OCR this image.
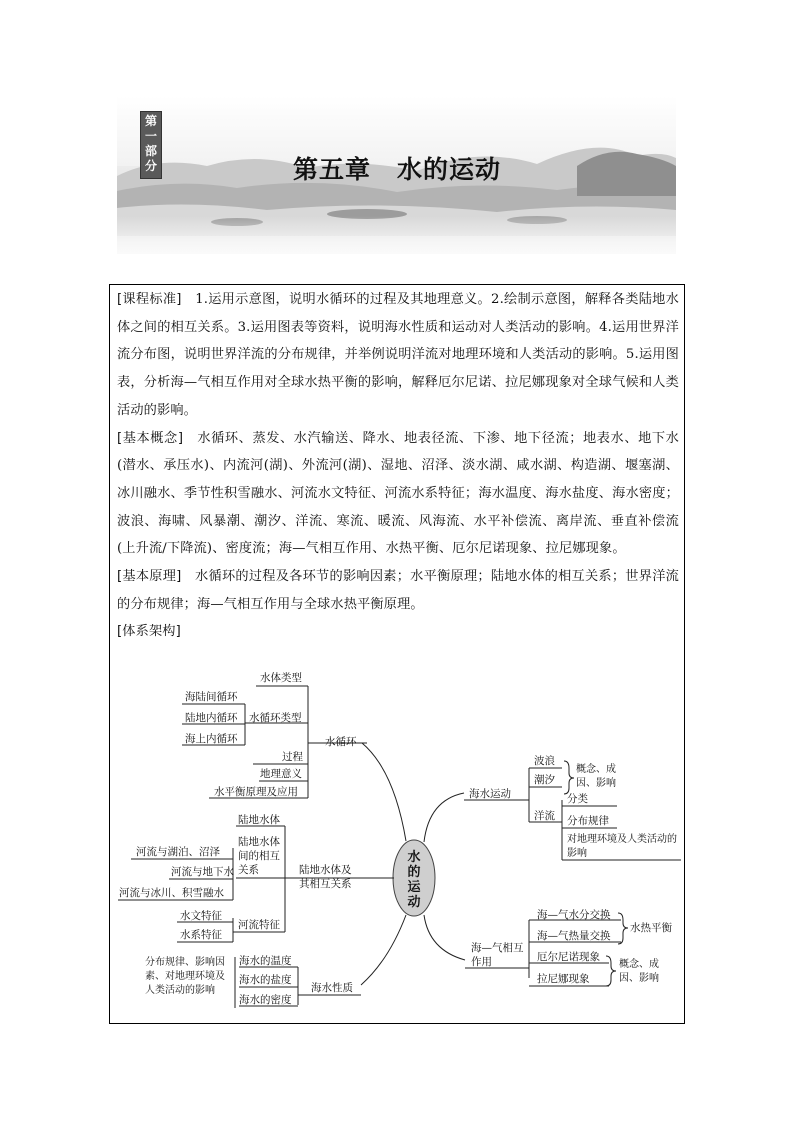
第
一
部
分	第五章　水的运动

[课程标准]　 1.运用示意图，说明水循环的过程及其地理意义。2.绘制示意图，解释各类陆地水体之间的相互关系。3.运用图表等资料，说明海水性质和运动对人类活动的影响。4.运用世界洋流分布图，说明世界洋流的分布规律，并举例说明洋流对地理环境和人类活动的影响。5.运用图表，分析海—气相互作用对全球水热平衡的影响，解释厄尔尼诺、拉尼娜现象对全球气候和人类活动的影响。

[基本概念]　 水循环、蒸发、水汽输送、降水、地表径流、下渗、地下径流；地表水、地下水(潜水、承压水)、内流河(湖)、外流河(湖)、湿地、沼泽、淡水湖、咸水湖、构造湖、堰塞湖、冰川融水、季节性积雪融水、河流水文特征、河流水系特征；海水温度、海水盐度、海水密度；波浪、海啸、风暴潮、潮汐、洋流、寒流、暖流、风海流、水平补偿流、离岸流、垂直补偿流(上升流/下降流)、密度流；海—气相互作用、水热平衡、厄尔尼诺现象、拉尼娜现象。

[基本原理]　 水循环的过程及各环节的影响因素；水平衡原理；陆地水体的相互关系；世界洋流的分布规律；海—气相互作用与全球水热平衡原理。

[体系架构]

水的运动
水循环
水体类型
水循环类型
过程
地理意义
水平衡原理及应用
海陆间循环
陆地内循环
海上内循环
陆地水体及其相互关系
陆地水体
陆地水体间的相互关系
河流特征
河流与湖泊、沼泽
河流与地下水
河流与冰川、积雪融水
水文特征
水系特征
海水性质
海水的温度
海水的盐度
海水的密度
分布规律、影响因素、对地理环境及人类活动的影响
海水运动
波浪
潮汐
洋流
概念、成因、影响
分类
分布规律
对地理环境及人类活动的影响
海—气相互作用
海—气水分交换
海—气热量交换
水热平衡
厄尔尼诺现象
拉尼娜现象
概念、成因、影响
